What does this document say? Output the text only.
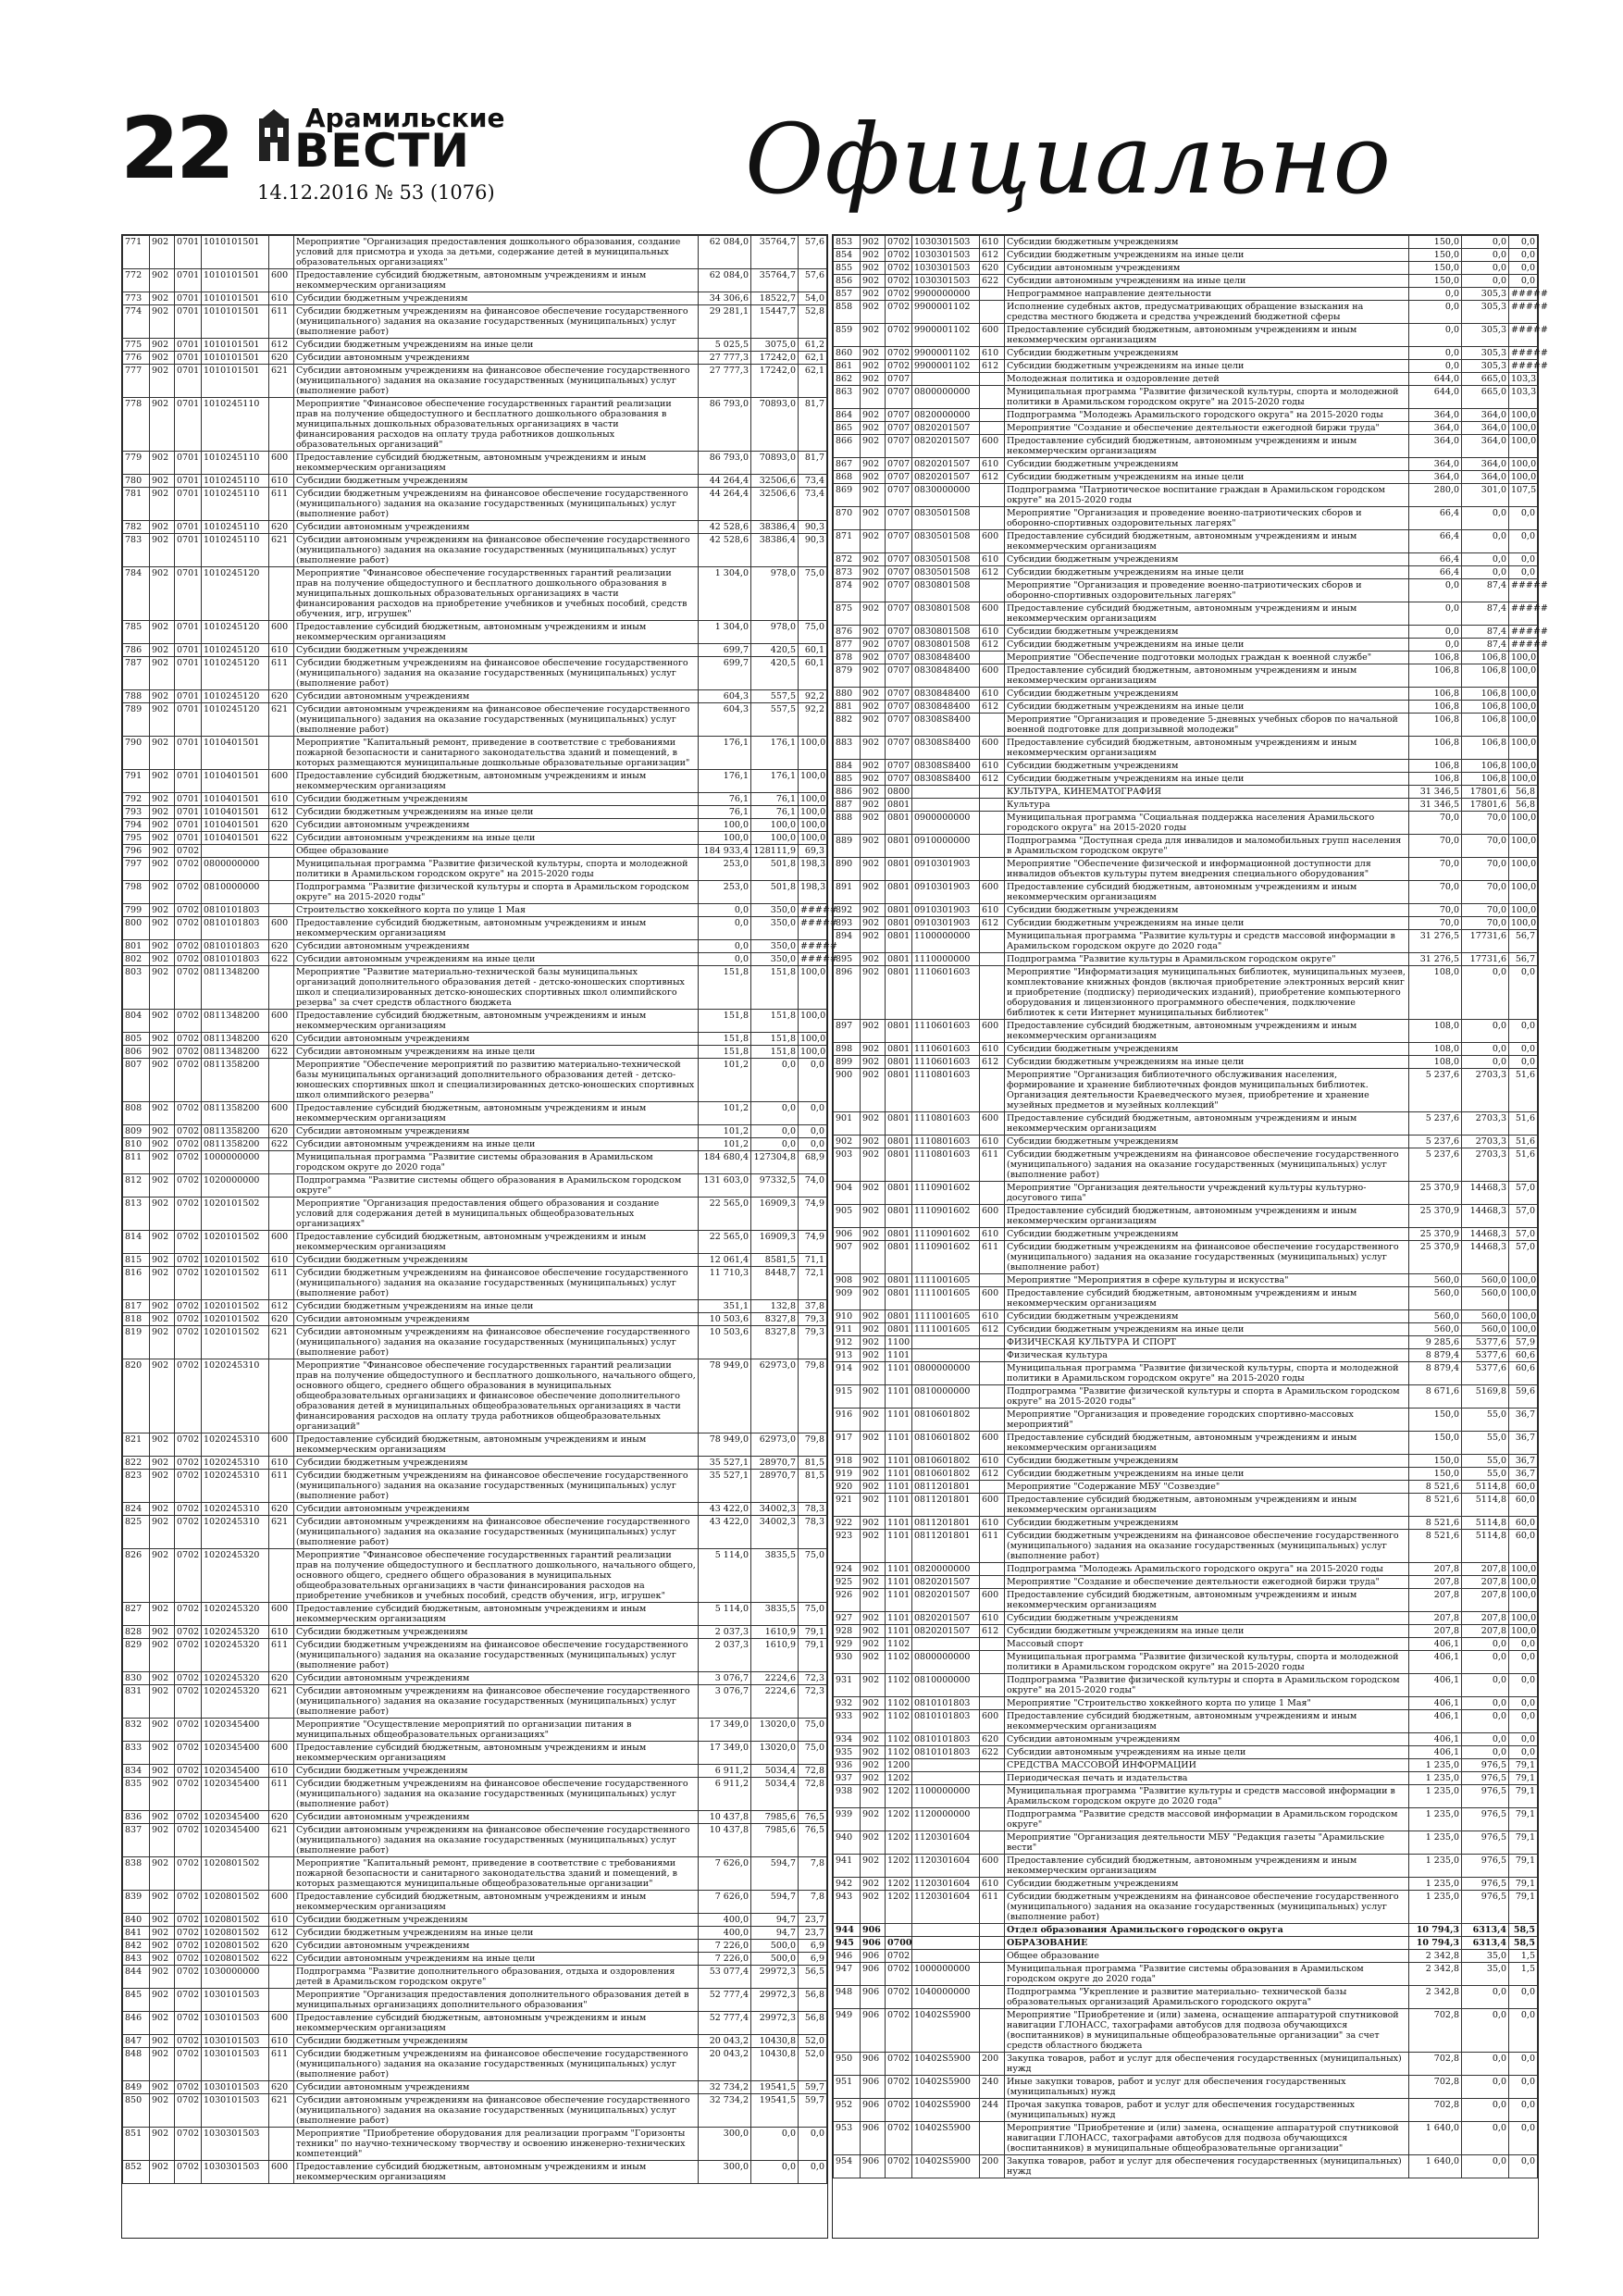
22	Арамильские
ВЕСТИ
14.12.2016 № 53 (1076)	Официально
771	902	0701	1010101501		Мероприятие "Организация предоставления дошкольного образования, создание условий для присмотра и ухода за детьми, содержание детей в муниципальных образовательных организациях"	62 084,0	35764,7	57,6
772	902	0701	1010101501	600	Предоставление субсидий бюджетным, автономным учреждениям и иным некоммерческим организациям	62 084,0	35764,7	57,6
773	902	0701	1010101501	610	Субсидии бюджетным учреждениям	34 306,6	18522,7	54,0
774	902	0701	1010101501	611	Субсидии бюджетным учреждениям на финансовое обеспечение государственного (муниципального) задания на оказание государственных (муниципальных) услуг (выполнение работ)	29 281,1	15447,7	52,8
775	902	0701	1010101501	612	Субсидии бюджетным учреждениям на иные цели	5 025,5	3075,0	61,2
776	902	0701	1010101501	620	Субсидии автономным учреждениям	27 777,3	17242,0	62,1
777	902	0701	1010101501	621	Субсидии автономным учреждениям на финансовое обеспечение государственного (муниципального) задания на оказание государственных (муниципальных) услуг (выполнение работ)	27 777,3	17242,0	62,1
778	902	0701	1010245110		Мероприятие "Финансовое обеспечение государственных гарантий реализации прав на получение общедоступного и бесплатного дошкольного образования в муниципальных дошкольных образовательных организациях в части финансирования расходов на оплату труда работников дошкольных образовательных организаций"	86 793,0	70893,0	81,7
779	902	0701	1010245110	600	Предоставление субсидий бюджетным, автономным учреждениям и иным некоммерческим организациям	86 793,0	70893,0	81,7
780	902	0701	1010245110	610	Субсидии бюджетным учреждениям	44 264,4	32506,6	73,4
781	902	0701	1010245110	611	Субсидии бюджетным учреждениям на финансовое обеспечение государственного (муниципального) задания на оказание государственных (муниципальных) услуг (выполнение работ)	44 264,4	32506,6	73,4
782	902	0701	1010245110	620	Субсидии автономным учреждениям	42 528,6	38386,4	90,3
783	902	0701	1010245110	621	Субсидии автономным учреждениям на финансовое обеспечение государственного (муниципального) задания на оказание государственных (муниципальных) услуг (выполнение работ)	42 528,6	38386,4	90,3
784	902	0701	1010245120		Мероприятие "Финансовое обеспечение государственных гарантий реализации прав на получение общедоступного и бесплатного дошкольного образования в муниципальных дошкольных образовательных организациях в части финансирования расходов на приобретение учебников и учебных пособий, средств обучения, игр, игрушек"	1 304,0	978,0	75,0
785	902	0701	1010245120	600	Предоставление субсидий бюджетным, автономным учреждениям и иным некоммерческим организациям	1 304,0	978,0	75,0
786	902	0701	1010245120	610	Субсидии бюджетным учреждениям	699,7	420,5	60,1
787	902	0701	1010245120	611	Субсидии бюджетным учреждениям на финансовое обеспечение государственного (муниципального) задания на оказание государственных (муниципальных) услуг (выполнение работ)	699,7	420,5	60,1
788	902	0701	1010245120	620	Субсидии автономным учреждениям	604,3	557,5	92,2
789	902	0701	1010245120	621	Субсидии автономным учреждениям на финансовое обеспечение государственного (муниципального) задания на оказание государственных (муниципальных) услуг (выполнение работ)	604,3	557,5	92,2
790	902	0701	1010401501		Мероприятие "Капитальный ремонт, приведение в соответствие с требованиями пожарной безопасности и санитарного законодательства зданий и помещений, в которых размещаются муниципальные дошкольные образовательные организации"	176,1	176,1	100,0
791	902	0701	1010401501	600	Предоставление субсидий бюджетным, автономным учреждениям и иным некоммерческим организациям	176,1	176,1	100,0
792	902	0701	1010401501	610	Субсидии бюджетным учреждениям	76,1	76,1	100,0
793	902	0701	1010401501	612	Субсидии бюджетным учреждениям на иные цели	76,1	76,1	100,0
794	902	0701	1010401501	620	Субсидии автономным учреждениям	100,0	100,0	100,0
795	902	0701	1010401501	622	Субсидии автономным учреждениям на иные цели	100,0	100,0	100,0
796	902	0702			Общее образование	184 933,4	128111,9	69,3
797	902	0702	0800000000		Муниципальная программа "Развитие физической культуры, спорта и молодежной политики в Арамильском городском округе" на 2015-2020 годы	253,0	501,8	198,3
798	902	0702	0810000000		Подпрограмма "Развитие физической культуры и спорта в Арамильском городском округе" на 2015-2020 годы"	253,0	501,8	198,3
799	902	0702	0810101803		Строительство хоккейного корта по улице 1 Мая	0,0	350,0	#####
800	902	0702	0810101803	600	Предоставление субсидий бюджетным, автономным учреждениям и иным некоммерческим организациям	0,0	350,0	#####
801	902	0702	0810101803	620	Субсидии автономным учреждениям	0,0	350,0	#####
802	902	0702	0810101803	622	Субсидии автономным учреждениям на иные цели	0,0	350,0	#####
803	902	0702	0811348200		Мероприятие "Развитие материально-технической базы муниципальных организаций дополнительного образования детей - детско-юношеских спортивных школ и специализированных детско-юношеских спортивных школ олимпийского резерва" за счет средств областного бюджета	151,8	151,8	100,0
804	902	0702	0811348200	600	Предоставление субсидий бюджетным, автономным учреждениям и иным некоммерческим организациям	151,8	151,8	100,0
805	902	0702	0811348200	620	Субсидии автономным учреждениям	151,8	151,8	100,0
806	902	0702	0811348200	622	Субсидии автономным учреждениям на иные цели	151,8	151,8	100,0
807	902	0702	0811358200		Мероприятие "Обеспечение мероприятий по развитию материально-технической базы муниципальных организаций дополнительного образования детей - детско-юношеских спортивных школ и специализированных детско-юношеских спортивных школ олимпийского резерва"	101,2	0,0	0,0
808	902	0702	0811358200	600	Предоставление субсидий бюджетным, автономным учреждениям и иным некоммерческим организациям	101,2	0,0	0,0
809	902	0702	0811358200	620	Субсидии автономным учреждениям	101,2	0,0	0,0
810	902	0702	0811358200	622	Субсидии автономным учреждениям на иные цели	101,2	0,0	0,0
811	902	0702	1000000000		Муниципальная программа "Развитие системы образования в Арамильском городском округе до 2020 года"	184 680,4	127304,8	68,9
812	902	0702	1020000000		Подпрограмма "Развитие системы общего образования в Арамильском городском округе"	131 603,0	97332,5	74,0
813	902	0702	1020101502		Мероприятие "Организация предоставления общего образования и создание условий для содержания детей в муниципальных общеобразовательных организациях"	22 565,0	16909,3	74,9
814	902	0702	1020101502	600	Предоставление субсидий бюджетным, автономным учреждениям и иным некоммерческим организациям	22 565,0	16909,3	74,9
815	902	0702	1020101502	610	Субсидии бюджетным учреждениям	12 061,4	8581,5	71,1
816	902	0702	1020101502	611	Субсидии бюджетным учреждениям на финансовое обеспечение государственного (муниципального) задания на оказание государственных (муниципальных) услуг (выполнение работ)	11 710,3	8448,7	72,1
817	902	0702	1020101502	612	Субсидии бюджетным учреждениям на иные цели	351,1	132,8	37,8
818	902	0702	1020101502	620	Субсидии автономным учреждениям	10 503,6	8327,8	79,3
819	902	0702	1020101502	621	Субсидии автономным учреждениям на финансовое обеспечение государственного (муниципального) задания на оказание государственных (муниципальных) услуг (выполнение работ)	10 503,6	8327,8	79,3
820	902	0702	1020245310		Мероприятие "Финансовое обеспечение государственных гарантий реализации прав на получение общедоступного и бесплатного дошкольного, начального общего, основного общего, среднего общего образования в муниципальных общеобразовательных организациях и финансовое обеспечение дополнительного образования детей в муниципальных общеобразовательных организациях в части финансирования расходов на оплату труда работников общеобразовательных организаций"	78 949,0	62973,0	79,8
821	902	0702	1020245310	600	Предоставление субсидий бюджетным, автономным учреждениям и иным некоммерческим организациям	78 949,0	62973,0	79,8
822	902	0702	1020245310	610	Субсидии бюджетным учреждениям	35 527,1	28970,7	81,5
823	902	0702	1020245310	611	Субсидии бюджетным учреждениям на финансовое обеспечение государственного (муниципального) задания на оказание государственных (муниципальных) услуг (выполнение работ)	35 527,1	28970,7	81,5
824	902	0702	1020245310	620	Субсидии автономным учреждениям	43 422,0	34002,3	78,3
825	902	0702	1020245310	621	Субсидии автономным учреждениям на финансовое обеспечение государственного (муниципального) задания на оказание государственных (муниципальных) услуг (выполнение работ)	43 422,0	34002,3	78,3
826	902	0702	1020245320		Мероприятие "Финансовое обеспечение государственных гарантий реализации прав на получение общедоступного и бесплатного дошкольного, начального общего, основного общего, среднего общего образования в муниципальных общеобразовательных организациях в части финансирования расходов на приобретение учебников и учебных пособий, средств обучения, игр, игрушек"	5 114,0	3835,5	75,0
827	902	0702	1020245320	600	Предоставление субсидий бюджетным, автономным учреждениям и иным некоммерческим организациям	5 114,0	3835,5	75,0
828	902	0702	1020245320	610	Субсидии бюджетным учреждениям	2 037,3	1610,9	79,1
829	902	0702	1020245320	611	Субсидии бюджетным учреждениям на финансовое обеспечение государственного (муниципального) задания на оказание государственных (муниципальных) услуг (выполнение работ)	2 037,3	1610,9	79,1
830	902	0702	1020245320	620	Субсидии автономным учреждениям	3 076,7	2224,6	72,3
831	902	0702	1020245320	621	Субсидии автономным учреждениям на финансовое обеспечение государственного (муниципального) задания на оказание государственных (муниципальных) услуг (выполнение работ)	3 076,7	2224,6	72,3
832	902	0702	1020345400		Мероприятие "Осуществление мероприятий по организации питания в муниципальных общеобразовательных организациях"	17 349,0	13020,0	75,0
833	902	0702	1020345400	600	Предоставление субсидий бюджетным, автономным учреждениям и иным некоммерческим организациям	17 349,0	13020,0	75,0
834	902	0702	1020345400	610	Субсидии бюджетным учреждениям	6 911,2	5034,4	72,8
835	902	0702	1020345400	611	Субсидии бюджетным учреждениям на финансовое обеспечение государственного (муниципального) задания на оказание государственных (муниципальных) услуг (выполнение работ)	6 911,2	5034,4	72,8
836	902	0702	1020345400	620	Субсидии автономным учреждениям	10 437,8	7985,6	76,5
837	902	0702	1020345400	621	Субсидии автономным учреждениям на финансовое обеспечение государственного (муниципального) задания на оказание государственных (муниципальных) услуг (выполнение работ)	10 437,8	7985,6	76,5
838	902	0702	1020801502		Мероприятие "Капитальный ремонт, приведение в соответствие с требованиями пожарной безопасности и санитарного законодательства зданий и помещений, в которых размещаются муниципальные общеобразовательные организации"	7 626,0	594,7	7,8
839	902	0702	1020801502	600	Предоставление субсидий бюджетным, автономным учреждениям и иным некоммерческим организациям	7 626,0	594,7	7,8
840	902	0702	1020801502	610	Субсидии бюджетным учреждениям	400,0	94,7	23,7
841	902	0702	1020801502	612	Субсидии бюджетным учреждениям на иные цели	400,0	94,7	23,7
842	902	0702	1020801502	620	Субсидии автономным учреждениям	7 226,0	500,0	6,9
843	902	0702	1020801502	622	Субсидии автономным учреждениям на иные цели	7 226,0	500,0	6,9
844	902	0702	1030000000		Подпрограмма "Развитие дополнительного образования, отдыха и оздоровления детей в Арамильском городском округе"	53 077,4	29972,3	56,5
845	902	0702	1030101503		Мероприятие "Организация предоставления дополнительного образования детей в муниципальных организациях дополнительного образования"	52 777,4	29972,3	56,8
846	902	0702	1030101503	600	Предоставление субсидий бюджетным, автономным учреждениям и иным некоммерческим организациям	52 777,4	29972,3	56,8
847	902	0702	1030101503	610	Субсидии бюджетным учреждениям	20 043,2	10430,8	52,0
848	902	0702	1030101503	611	Субсидии бюджетным учреждениям на финансовое обеспечение государственного (муниципального) задания на оказание государственных (муниципальных) услуг (выполнение работ)	20 043,2	10430,8	52,0
849	902	0702	1030101503	620	Субсидии автономным учреждениям	32 734,2	19541,5	59,7
850	902	0702	1030101503	621	Субсидии автономным учреждениям на финансовое обеспечение государственного (муниципального) задания на оказание государственных (муниципальных) услуг (выполнение работ)	32 734,2	19541,5	59,7
851	902	0702	1030301503		Мероприятие "Приобретение оборудования для реализации программ "Горизонты техники" по научно-техническому творчеству и освоению инженерно-технических компетенций"	300,0	0,0	0,0
852	902	0702	1030301503	600	Предоставление субсидий бюджетным, автономным учреждениям и иным некоммерческим организациям	300,0	0,0	0,0
853	902	0702	1030301503	610	Субсидии бюджетным учреждениям	150,0	0,0	0,0
854	902	0702	1030301503	612	Субсидии бюджетным учреждениям на иные цели	150,0	0,0	0,0
855	902	0702	1030301503	620	Субсидии автономным учреждениям	150,0	0,0	0,0
856	902	0702	1030301503	622	Субсидии автономным учреждениям на иные цели	150,0	0,0	0,0
857	902	0702	9900000000		Непрограммное направление деятельности	0,0	305,3	#####
858	902	0702	9900001102		Исполнение судебных актов, предусматривающих обращение взыскания на средства местного бюджета и средства учреждений бюджетной сферы	0,0	305,3	#####
859	902	0702	9900001102	600	Предоставление субсидий бюджетным, автономным учреждениям и иным некоммерческим организациям	0,0	305,3	#####
860	902	0702	9900001102	610	Субсидии бюджетным учреждениям	0,0	305,3	#####
861	902	0702	9900001102	612	Субсидии бюджетным учреждениям на иные цели	0,0	305,3	#####
862	902	0707			Молодежная политика и оздоровление детей	644,0	665,0	103,3
863	902	0707	0800000000		Муниципальная программа "Развитие физической культуры, спорта и молодежной политики в Арамильском городском округе" на 2015-2020 годы	644,0	665,0	103,3
864	902	0707	0820000000		Подпрограмма "Молодежь Арамильского городского округа" на 2015-2020 годы	364,0	364,0	100,0
865	902	0707	0820201507		Мероприятие "Создание и обеспечение деятельности ежегодной биржи труда"	364,0	364,0	100,0
866	902	0707	0820201507	600	Предоставление субсидий бюджетным, автономным учреждениям и иным некоммерческим организациям	364,0	364,0	100,0
867	902	0707	0820201507	610	Субсидии бюджетным учреждениям	364,0	364,0	100,0
868	902	0707	0820201507	612	Субсидии бюджетным учреждениям на иные цели	364,0	364,0	100,0
869	902	0707	0830000000		Подпрограмма "Патриотическое воспитание граждан в Арамильском городском округе" на 2015-2020 годы	280,0	301,0	107,5
870	902	0707	0830501508		Мероприятие "Организация и проведение военно-патриотических сборов и оборонно-спортивных оздоровительных лагерях"	66,4	0,0	0,0
871	902	0707	0830501508	600	Предоставление субсидий бюджетным, автономным учреждениям и иным некоммерческим организациям	66,4	0,0	0,0
872	902	0707	0830501508	610	Субсидии бюджетным учреждениям	66,4	0,0	0,0
873	902	0707	0830501508	612	Субсидии бюджетным учреждениям на иные цели	66,4	0,0	0,0
874	902	0707	0830801508		Мероприятие "Организация и проведение военно-патриотических сборов и оборонно-спортивных оздоровительных лагерях"	0,0	87,4	#####
875	902	0707	0830801508	600	Предоставление субсидий бюджетным, автономным учреждениям и иным некоммерческим организациям	0,0	87,4	#####
876	902	0707	0830801508	610	Субсидии бюджетным учреждениям	0,0	87,4	#####
877	902	0707	0830801508	612	Субсидии бюджетным учреждениям на иные цели	0,0	87,4	#####
878	902	0707	0830848400		Мероприятие "Обеспечение подготовки молодых граждан к военной службе"	106,8	106,8	100,0
879	902	0707	0830848400	600	Предоставление субсидий бюджетным, автономным учреждениям и иным некоммерческим организациям	106,8	106,8	100,0
880	902	0707	0830848400	610	Субсидии бюджетным учреждениям	106,8	106,8	100,0
881	902	0707	0830848400	612	Субсидии бюджетным учреждениям на иные цели	106,8	106,8	100,0
882	902	0707	08308S8400		Мероприятие "Организация и проведение 5-дневных учебных сборов по начальной военной подготовке для допризывной молодежи"	106,8	106,8	100,0
883	902	0707	08308S8400	600	Предоставление субсидий бюджетным, автономным учреждениям и иным некоммерческим организациям	106,8	106,8	100,0
884	902	0707	08308S8400	610	Субсидии бюджетным учреждениям	106,8	106,8	100,0
885	902	0707	08308S8400	612	Субсидии бюджетным учреждениям на иные цели	106,8	106,8	100,0
886	902	0800			КУЛЬТУРА, КИНЕМАТОГРАФИЯ	31 346,5	17801,6	56,8
887	902	0801			Культура	31 346,5	17801,6	56,8
888	902	0801	0900000000		Муниципальная программа "Социальная поддержка населения Арамильского городского округа" на 2015-2020 годы	70,0	70,0	100,0
889	902	0801	0910000000		Подпрограмма "Доступная среда для инвалидов и маломобильных групп населения в Арамильском городском округе"	70,0	70,0	100,0
890	902	0801	0910301903		Мероприятие "Обеспечение физической и информационной доступности для инвалидов объектов культуры путем внедрения специального оборудования"	70,0	70,0	100,0
891	902	0801	0910301903	600	Предоставление субсидий бюджетным, автономным учреждениям и иным некоммерческим организациям	70,0	70,0	100,0
892	902	0801	0910301903	610	Субсидии бюджетным учреждениям	70,0	70,0	100,0
893	902	0801	0910301903	612	Субсидии бюджетным учреждениям на иные цели	70,0	70,0	100,0
894	902	0801	1100000000		Муниципальная программа "Развитие культуры и средств массовой информации в Арамильском городском округе до 2020 года"	31 276,5	17731,6	56,7
895	902	0801	1110000000		Подпрограмма "Развитие культуры в Арамильском городском округе"	31 276,5	17731,6	56,7
896	902	0801	1110601603		Мероприятие "Информатизация муниципальных библиотек, муниципальных музеев, комплектование книжных фондов (включая приобретение электронных версий книг и приобретение (подписку) периодических изданий), приобретение компьютерного оборудования и лицензионного программного обеспечения, подключение библиотек к сети Интернет муниципальных библиотек"	108,0	0,0	0,0
897	902	0801	1110601603	600	Предоставление субсидий бюджетным, автономным учреждениям и иным некоммерческим организациям	108,0	0,0	0,0
898	902	0801	1110601603	610	Субсидии бюджетным учреждениям	108,0	0,0	0,0
899	902	0801	1110601603	612	Субсидии бюджетным учреждениям на иные цели	108,0	0,0	0,0
900	902	0801	1110801603		Мероприятие "Организация библиотечного обслуживания населения, формирование и хранение библиотечных фондов муниципальных библиотек. Организация деятельности Краеведческого музея, приобретение и хранение музейных предметов и музейных коллекций"	5 237,6	2703,3	51,6
901	902	0801	1110801603	600	Предоставление субсидий бюджетным, автономным учреждениям и иным некоммерческим организациям	5 237,6	2703,3	51,6
902	902	0801	1110801603	610	Субсидии бюджетным учреждениям	5 237,6	2703,3	51,6
903	902	0801	1110801603	611	Субсидии бюджетным учреждениям на финансовое обеспечение государственного (муниципального) задания на оказание государственных (муниципальных) услуг (выполнение работ)	5 237,6	2703,3	51,6
904	902	0801	1110901602		Мероприятие "Организация деятельности учреждений культуры культурно-досугового типа"	25 370,9	14468,3	57,0
905	902	0801	1110901602	600	Предоставление субсидий бюджетным, автономным учреждениям и иным некоммерческим организациям	25 370,9	14468,3	57,0
906	902	0801	1110901602	610	Субсидии бюджетным учреждениям	25 370,9	14468,3	57,0
907	902	0801	1110901602	611	Субсидии бюджетным учреждениям на финансовое обеспечение государственного (муниципального) задания на оказание государственных (муниципальных) услуг (выполнение работ)	25 370,9	14468,3	57,0
908	902	0801	1111001605		Мероприятие "Мероприятия в сфере культуры и искусства"	560,0	560,0	100,0
909	902	0801	1111001605	600	Предоставление субсидий бюджетным, автономным учреждениям и иным некоммерческим организациям	560,0	560,0	100,0
910	902	0801	1111001605	610	Субсидии бюджетным учреждениям	560,0	560,0	100,0
911	902	0801	1111001605	612	Субсидии бюджетным учреждениям на иные цели	560,0	560,0	100,0
912	902	1100			ФИЗИЧЕСКАЯ КУЛЬТУРА И СПОРТ	9 285,6	5377,6	57,9
913	902	1101			Физическая культура	8 879,4	5377,6	60,6
914	902	1101	0800000000		Муниципальная программа "Развитие физической культуры, спорта и молодежной политики в Арамильском городском округе" на 2015-2020 годы	8 879,4	5377,6	60,6
915	902	1101	0810000000		Подпрограмма "Развитие физической культуры и спорта в Арамильском городском округе" на 2015-2020 годы"	8 671,6	5169,8	59,6
916	902	1101	0810601802		Мероприятие "Организация и проведение городских спортивно-массовых мероприятий"	150,0	55,0	36,7
917	902	1101	0810601802	600	Предоставление субсидий бюджетным, автономным учреждениям и иным некоммерческим организациям	150,0	55,0	36,7
918	902	1101	0810601802	610	Субсидии бюджетным учреждениям	150,0	55,0	36,7
919	902	1101	0810601802	612	Субсидии бюджетным учреждениям на иные цели	150,0	55,0	36,7
920	902	1101	0811201801		Мероприятие "Содержание МБУ "Созвездие"	8 521,6	5114,8	60,0
921	902	1101	0811201801	600	Предоставление субсидий бюджетным, автономным учреждениям и иным некоммерческим организациям	8 521,6	5114,8	60,0
922	902	1101	0811201801	610	Субсидии бюджетным учреждениям	8 521,6	5114,8	60,0
923	902	1101	0811201801	611	Субсидии бюджетным учреждениям на финансовое обеспечение государственного (муниципального) задания на оказание государственных (муниципальных) услуг (выполнение работ)	8 521,6	5114,8	60,0
924	902	1101	0820000000		Подпрограмма "Молодежь Арамильского городского округа" на 2015-2020 годы	207,8	207,8	100,0
925	902	1101	0820201507		Мероприятие "Создание и обеспечение деятельности ежегодной биржи труда"	207,8	207,8	100,0
926	902	1101	0820201507	600	Предоставление субсидий бюджетным, автономным учреждениям и иным некоммерческим организациям	207,8	207,8	100,0
927	902	1101	0820201507	610	Субсидии бюджетным учреждениям	207,8	207,8	100,0
928	902	1101	0820201507	612	Субсидии бюджетным учреждениям на иные цели	207,8	207,8	100,0
929	902	1102			Массовый спорт	406,1	0,0	0,0
930	902	1102	0800000000		Муниципальная программа "Развитие физической культуры, спорта и молодежной политики в Арамильском городском округе" на 2015-2020 годы	406,1	0,0	0,0
931	902	1102	0810000000		Подпрограмма "Развитие физической культуры и спорта в Арамильском городском округе" на 2015-2020 годы"	406,1	0,0	0,0
932	902	1102	0810101803		Мероприятие "Строительство хоккейного корта по улице 1 Мая"	406,1	0,0	0,0
933	902	1102	0810101803	600	Предоставление субсидий бюджетным, автономным учреждениям и иным некоммерческим организациям	406,1	0,0	0,0
934	902	1102	0810101803	620	Субсидии автономным учреждениям	406,1	0,0	0,0
935	902	1102	0810101803	622	Субсидии автономным учреждениям на иные цели	406,1	0,0	0,0
936	902	1200			СРЕДСТВА МАССОВОЙ ИНФОРМАЦИИ	1 235,0	976,5	79,1
937	902	1202			Периодическая печать и издательства	1 235,0	976,5	79,1
938	902	1202	1100000000		Муниципальная программа "Развитие культуры и средств массовой информации в Арамильском городском округе до 2020 года"	1 235,0	976,5	79,1
939	902	1202	1120000000		Подпрограмма "Развитие средств массовой информации в Арамильском городском округе"	1 235,0	976,5	79,1
940	902	1202	1120301604		Мероприятие "Организация деятельности МБУ "Редакция газеты "Арамильские вести"	1 235,0	976,5	79,1
941	902	1202	1120301604	600	Предоставление субсидий бюджетным, автономным учреждениям и иным некоммерческим организациям	1 235,0	976,5	79,1
942	902	1202	1120301604	610	Субсидии бюджетным учреждениям	1 235,0	976,5	79,1
943	902	1202	1120301604	611	Субсидии бюджетным учреждениям на финансовое обеспечение государственного (муниципального) задания на оказание государственных (муниципальных) услуг (выполнение работ)	1 235,0	976,5	79,1
944	906				Отдел образования Арамильского городского округа	10 794,3	6313,4	58,5
945	906	0700			ОБРАЗОВАНИЕ	10 794,3	6313,4	58,5
946	906	0702			Общее образование	2 342,8	35,0	1,5
947	906	0702	1000000000		Муниципальная программа "Развитие системы образования в Арамильском городском округе до 2020 года"	2 342,8	35,0	1,5
948	906	0702	1040000000		Подпрограмма "Укрепление и развитие материально- технической базы образовательных организаций Арамильского городского округа"	2 342,8	0,0	0,0
949	906	0702	10402S5900		Мероприятие "Приобретение и (или) замена, оснащение аппаратурой спутниковой навигации ГЛОНАСС, тахографами автобусов для подвоза обучающихся (воспитанников) в муниципальные общеобразовательные организации" за счет средств областного бюджета	702,8	0,0	0,0
950	906	0702	10402S5900	200	Закупка товаров, работ и услуг для обеспечения государственных (муниципальных) нужд	702,8	0,0	0,0
951	906	0702	10402S5900	240	Иные закупки товаров, работ и услуг для обеспечения государственных (муниципальных) нужд	702,8	0,0	0,0
952	906	0702	10402S5900	244	Прочая закупка товаров, работ и услуг для обеспечения государственных (муниципальных) нужд	702,8	0,0	0,0
953	906	0702	10402S5900		Мероприятие "Приобретение и (или) замена, оснащение аппаратурой спутниковой навигации ГЛОНАСС, тахографами автобусов для подвоза обучающихся (воспитанников) в муниципальные общеобразовательные организации"	1 640,0	0,0	0,0
954	906	0702	10402S5900	200	Закупка товаров, работ и услуг для обеспечения государственных (муниципальных) нужд	1 640,0	0,0	0,0
